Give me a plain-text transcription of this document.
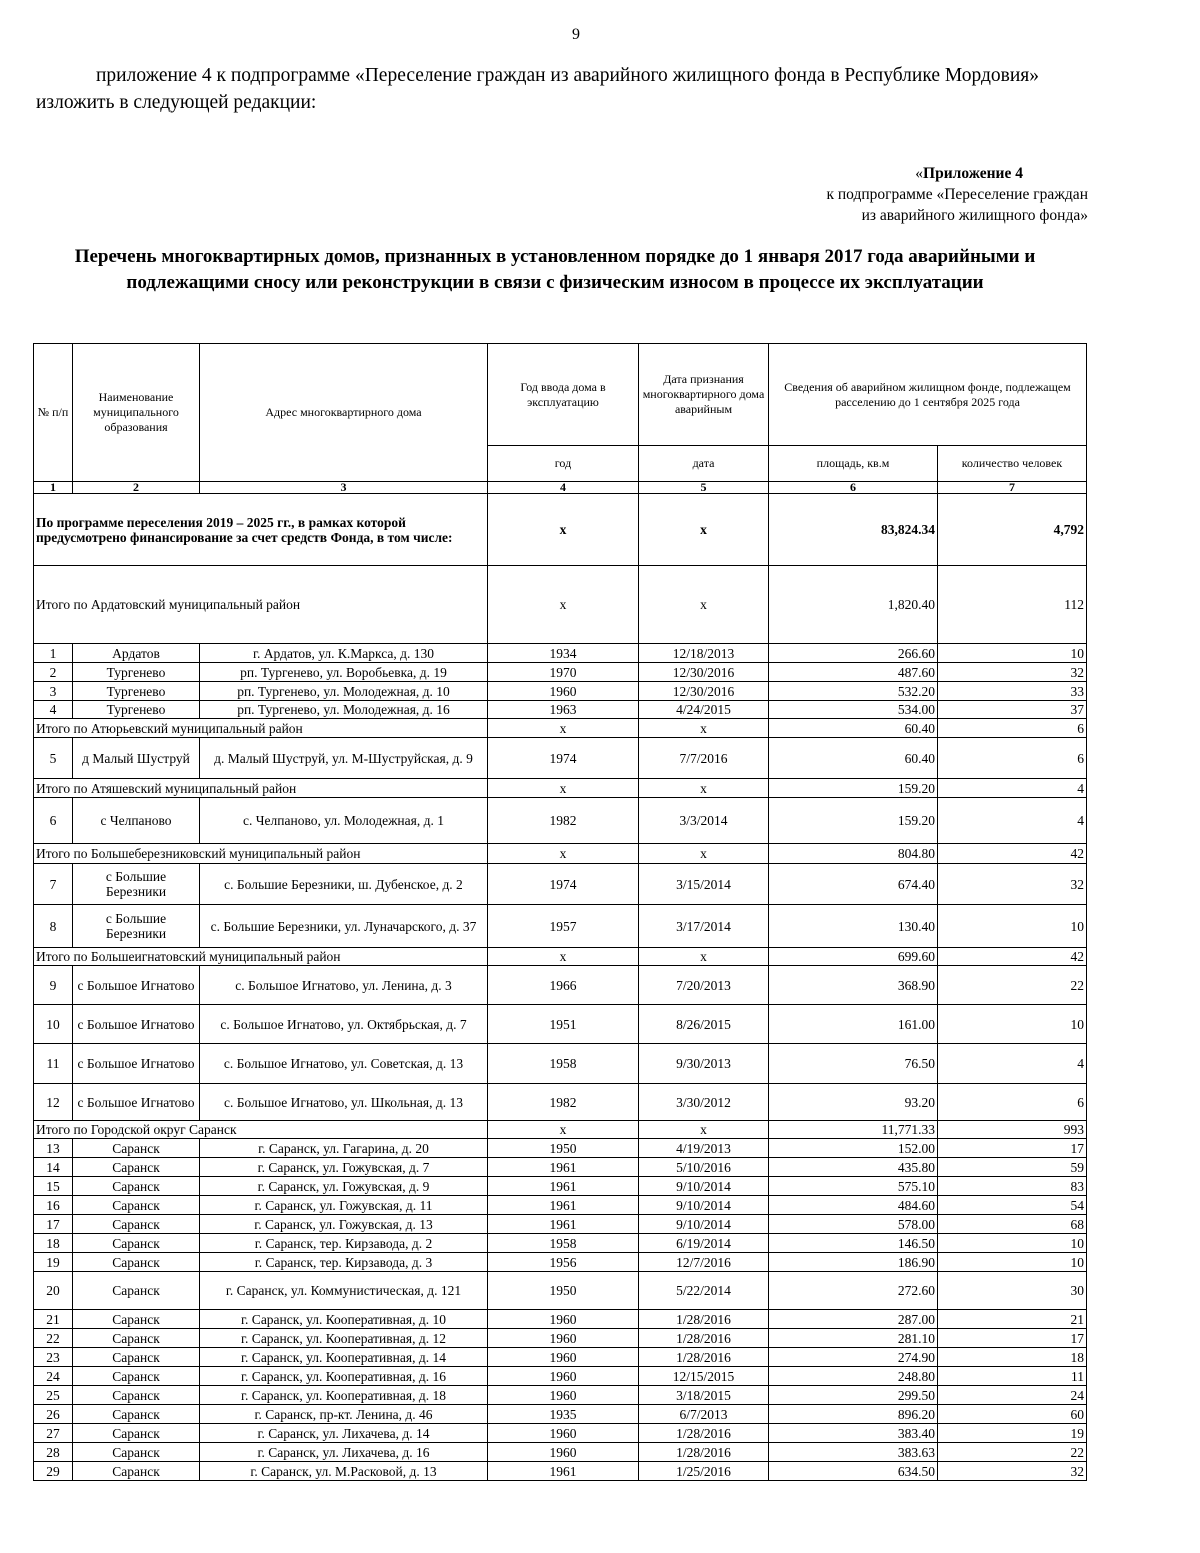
9
приложение 4 к подпрограмме «Переселение граждан из аварийного жилищного фонда в Республике Мордовия» изложить в следующей редакции:
«Приложение 4
к подпрограмме «Переселение граждан
из аварийного жилищного фонда»
Перечень многоквартирных домов, признанных в установленном порядке до 1 января 2017 года аварийными и подлежащими сносу или реконструкции в связи с физическим износом в процессе их эксплуатации
№ п/п	Наименование муниципального образования	Адрес многоквартирного дома	Год ввода дома в эксплуатацию	Дата признания многоквартирного дома аварийным	Сведения об аварийном жилищном фонде, подлежащем расселению до 1 сентября 2025 года	
			год	дата	площадь, кв.м	количество человек
1	2	3	4	5	6	7
По программе переселения 2019 – 2025 гг., в рамках которой предусмотрено финансирование за счет средств Фонда, в том числе:			x	x	83,824.34	4,792
Итого по Ардатовский муниципальный район			x	x	1,820.40	112
1	Ардатов	г. Ардатов, ул. К.Маркса, д. 130	1934	12/18/2013	266.60	10
2	Тургенево	рп. Тургенево, ул. Воробьевка, д. 19	1970	12/30/2016	487.60	32
3	Тургенево	рп. Тургенево, ул. Молодежная, д. 10	1960	12/30/2016	532.20	33
4	Тургенево	рп. Тургенево, ул. Молодежная, д. 16	1963	4/24/2015	534.00	37
Итого по Атюрьевский муниципальный район			x	x	60.40	6
5	д Малый Шуструй	д. Малый Шуструй, ул. М-Шуструйская, д. 9	1974	7/7/2016	60.40	6
Итого по Атяшевский муниципальный район			x	x	159.20	4
6	с Челпаново	с. Челпаново, ул. Молодежная, д. 1	1982	3/3/2014	159.20	4
Итого по Большеберезниковский муниципальный район			x	x	804.80	42
7	с Большие Березники	с. Большие Березники, ш. Дубенское, д. 2	1974	3/15/2014	674.40	32
8	с Большие Березники	с. Большие Березники, ул. Луначарского, д. 37	1957	3/17/2014	130.40	10
Итого по Большеигнатовский муниципальный район			x	x	699.60	42
9	с Большое Игнатово	с. Большое Игнатово, ул. Ленина, д. 3	1966	7/20/2013	368.90	22
10	с Большое Игнатово	с. Большое Игнатово, ул. Октябрьская, д. 7	1951	8/26/2015	161.00	10
11	с Большое Игнатово	с. Большое Игнатово, ул. Советская, д. 13	1958	9/30/2013	76.50	4
12	с Большое Игнатово	с. Большое Игнатово, ул. Школьная, д. 13	1982	3/30/2012	93.20	6
Итого по Городской округ Саранск			x	x	11,771.33	993
13	Саранск	г. Саранск, ул. Гагарина, д. 20	1950	4/19/2013	152.00	17
14	Саранск	г. Саранск, ул. Гожувская, д. 7	1961	5/10/2016	435.80	59
15	Саранск	г. Саранск, ул. Гожувская, д. 9	1961	9/10/2014	575.10	83
16	Саранск	г. Саранск, ул. Гожувская, д. 11	1961	9/10/2014	484.60	54
17	Саранск	г. Саранск, ул. Гожувская, д. 13	1961	9/10/2014	578.00	68
18	Саранск	г. Саранск, тер. Кирзавода, д. 2	1958	6/19/2014	146.50	10
19	Саранск	г. Саранск, тер. Кирзавода, д. 3	1956	12/7/2016	186.90	10
20	Саранск	г. Саранск, ул. Коммунистическая, д. 121	1950	5/22/2014	272.60	30
21	Саранск	г. Саранск, ул. Кооперативная, д. 10	1960	1/28/2016	287.00	21
22	Саранск	г. Саранск, ул. Кооперативная, д. 12	1960	1/28/2016	281.10	17
23	Саранск	г. Саранск, ул. Кооперативная, д. 14	1960	1/28/2016	274.90	18
24	Саранск	г. Саранск, ул. Кооперативная, д. 16	1960	12/15/2015	248.80	11
25	Саранск	г. Саранск, ул. Кооперативная, д. 18	1960	3/18/2015	299.50	24
26	Саранск	г. Саранск, пр-кт. Ленина, д. 46	1935	6/7/2013	896.20	60
27	Саранск	г. Саранск, ул. Лихачева, д. 14	1960	1/28/2016	383.40	19
28	Саранск	г. Саранск, ул. Лихачева, д. 16	1960	1/28/2016	383.63	22
29	Саранск	г. Саранск, ул. М.Расковой, д. 13	1961	1/25/2016	634.50	32
